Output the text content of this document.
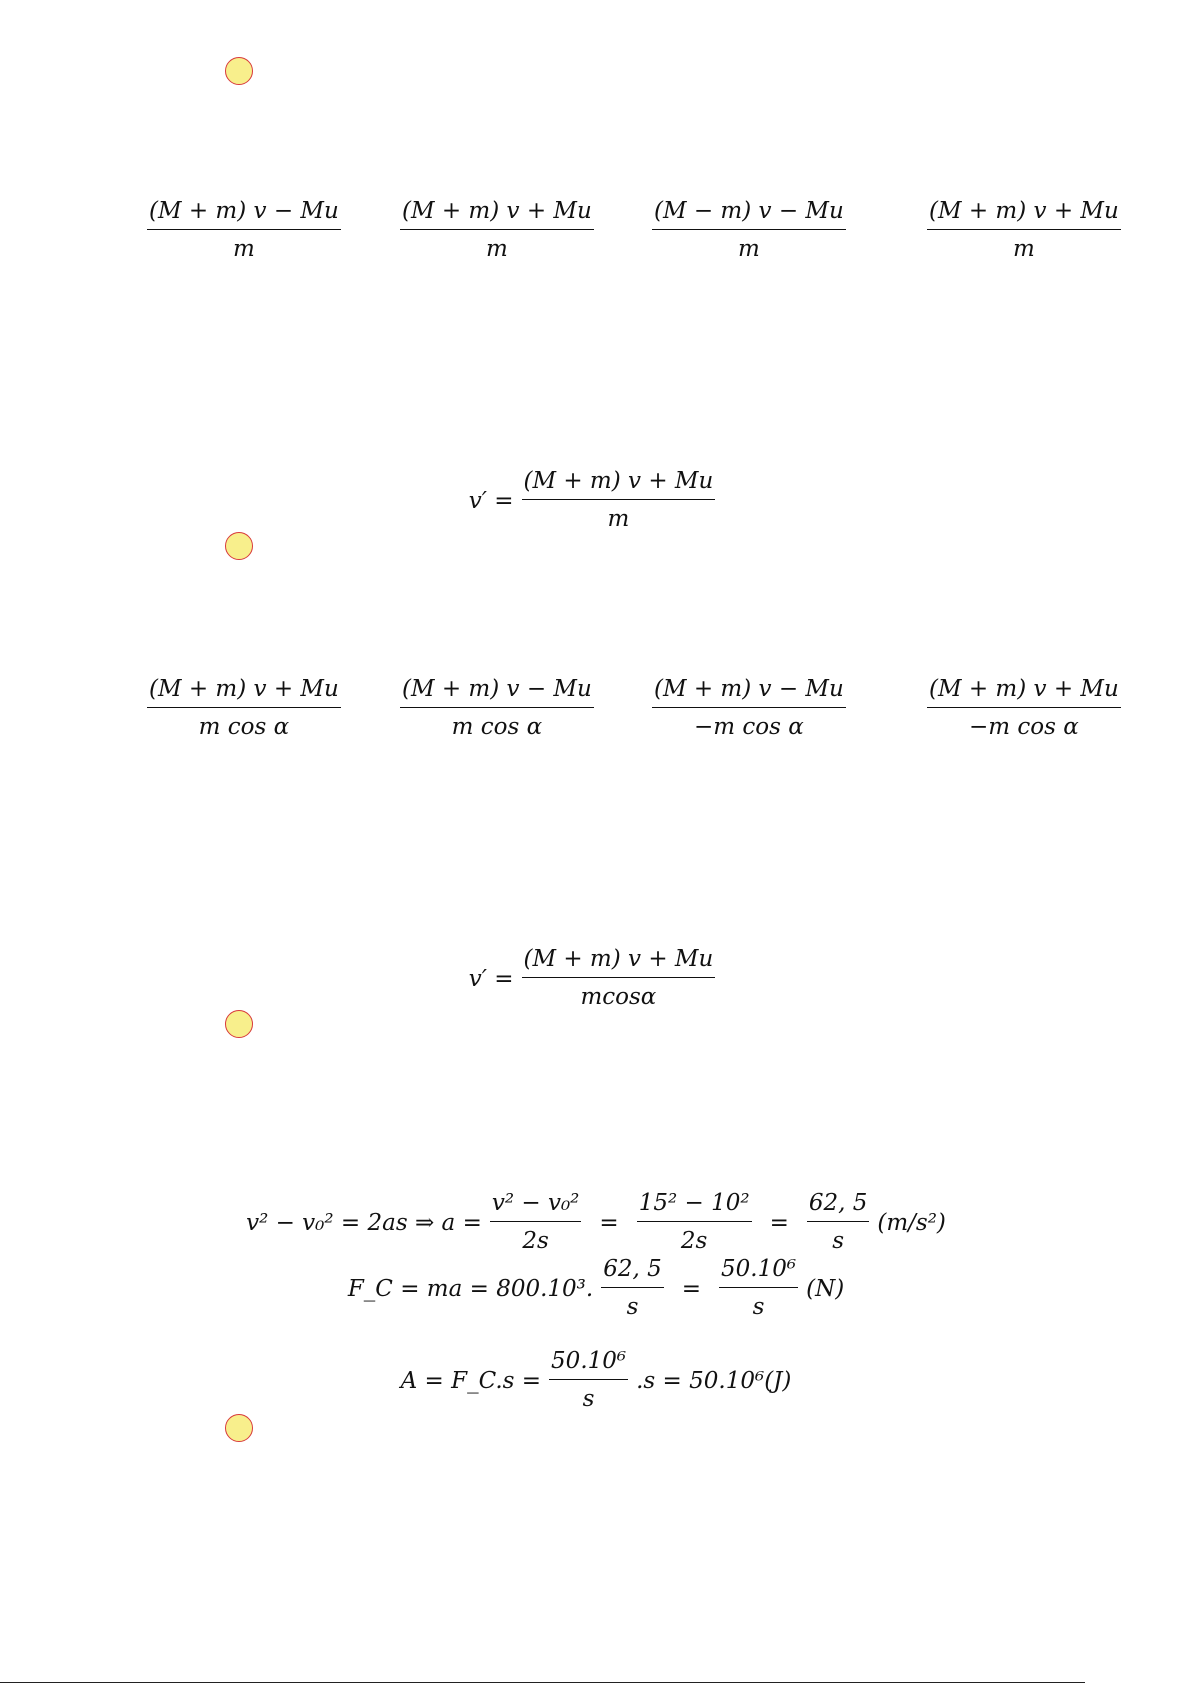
$\frac{(M + m) v - Mu}{m}$	$\frac{(M + m) v + Mu}{m}$	$\frac{(M - m) v - Mu}{m}$	$\frac{(M + m) v + Mu}{m}$
$v' = \frac{(M + m) v + Mu}{m}$
$\frac{(M + m) v + Mu}{\text{m cos α}}$	$\frac{(M + m) v - Mu}{\text{m cos α}}$	$\frac{(M + m) v - Mu}{\text{−m cos α}}$	$\frac{(M + m) v + Mu}{\text{−m cos α}}$
$v' = \frac{(M + m) v + Mu}{mcos\alpha}$
v² − v₀² = 2as ⇒ $a = \frac{\text{v² − v₀²}}{2s} = \frac{\text{15² − 10²}}{2s} = \frac{62, 5}{s} (m/s^2)$
F_C = ma = 800.10³. $\frac{62, 5}{s} = \frac{\text{50.10⁶}}{s} (N)$
A = F_C.s = $\frac{\text{50.10⁶}}{s} .s = 50.10^6(J)$
